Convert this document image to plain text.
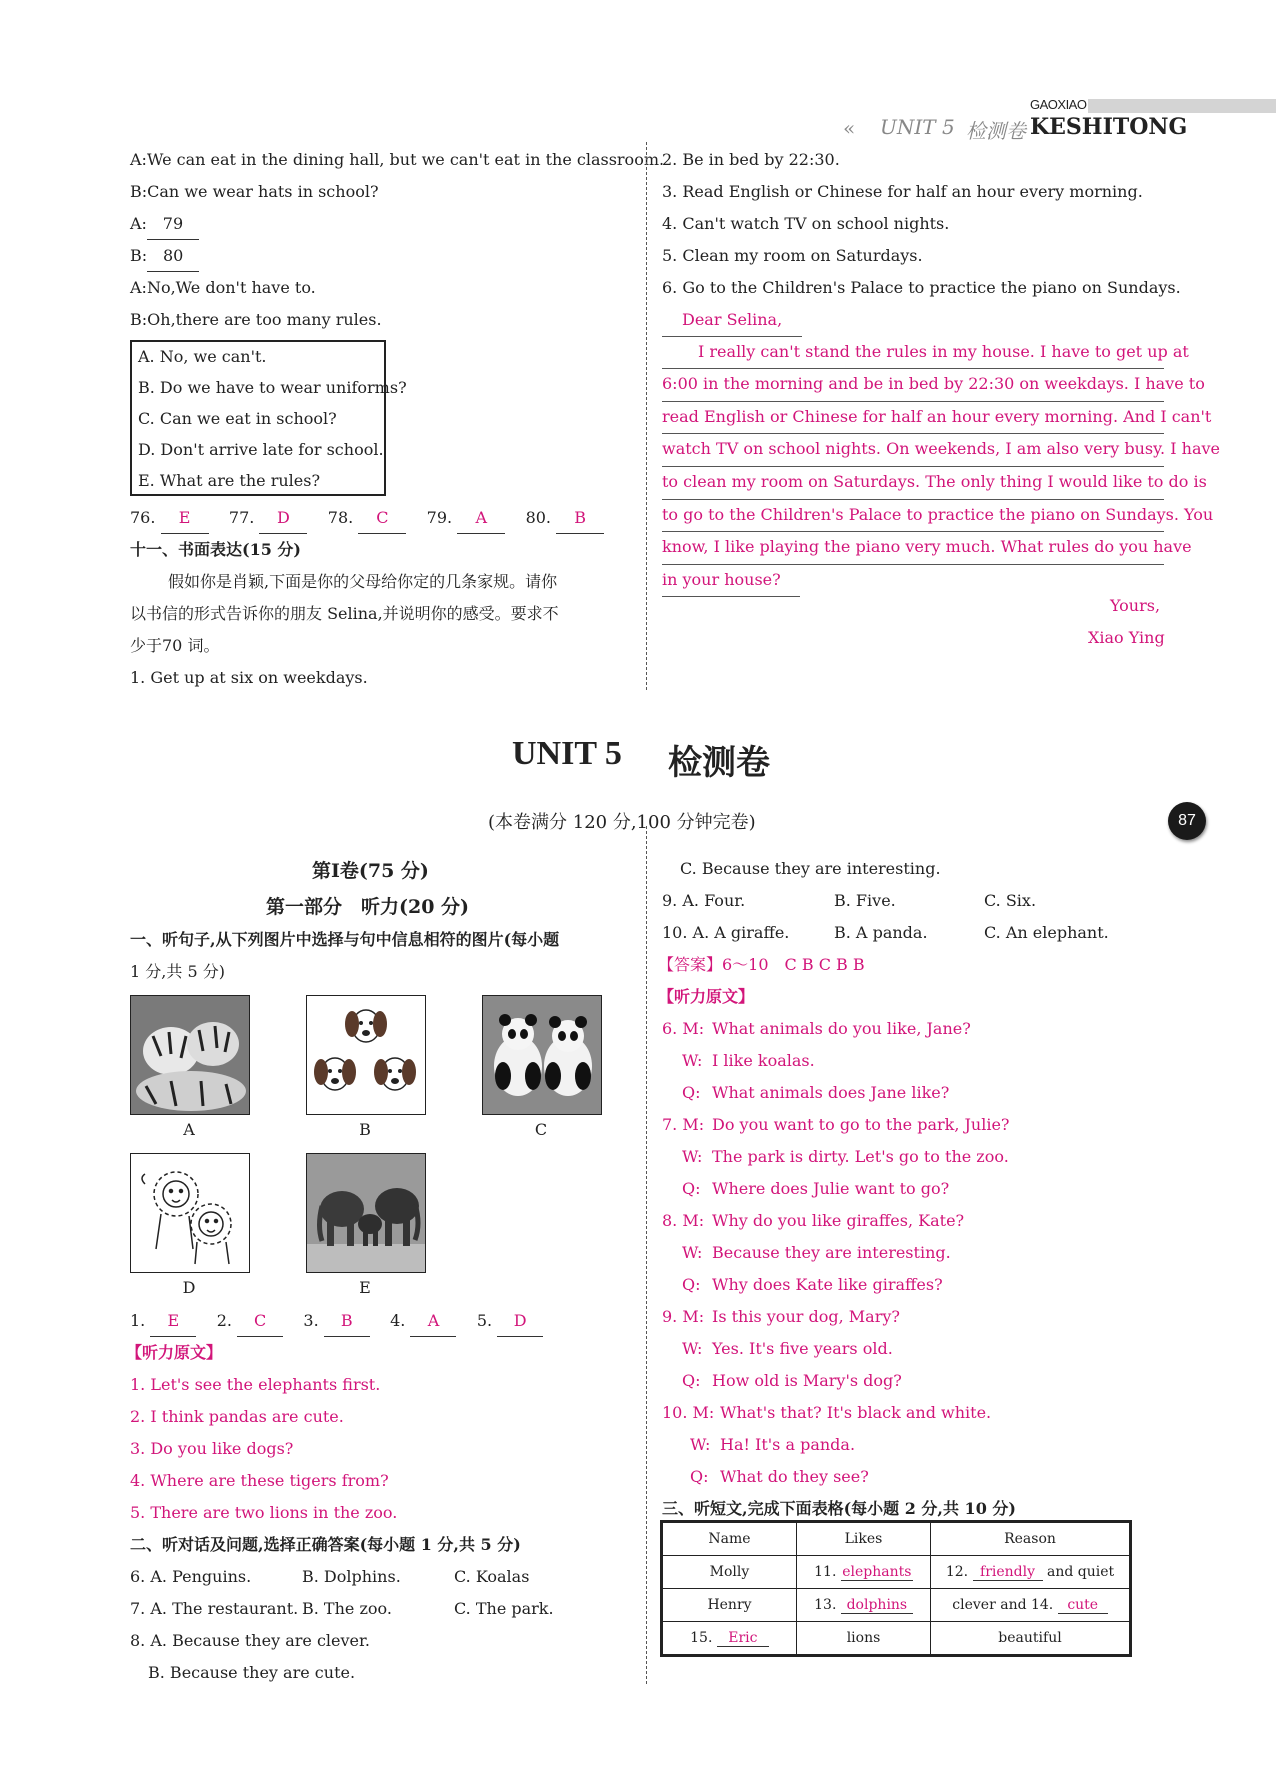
GAOXIAO
« UNIT 5 检测卷 KESHITONG
A:We can eat in the dining hall, but we can't eat in the classroom.
B:Can we wear hats in school?
A: 79
B: 80
A:No,We don't have to.
B:Oh,there are too many rules.
A. No, we can't.
B. Do we have to wear uniforms?
C. Can we eat in school?
D. Don't arrive late for school.
E. What are the rules?
76. E 77. D 78. C 79. A 80. B
十一、书面表达(15 分)
假如你是肖颖,下面是你的父母给你定的几条家规。请你
以书信的形式告诉你的朋友 Selina,并说明你的感受。要求不
少于70 词。
1. Get up at six on weekdays.
2. Be in bed by 22:30.
3. Read English or Chinese for half an hour every morning.
4. Can't watch TV on school nights.
5. Clean my room on Saturdays.
6. Go to the Children's Palace to practice the piano on Sundays.
Dear Selina,
I really can't stand the rules in my house. I have to get up at
6:00 in the morning and be in bed by 22:30 on weekdays. I have to
read English or Chinese for half an hour every morning. And I can't
watch TV on school nights. On weekends, I am also very busy. I have
to clean my room on Saturdays. The only thing I would like to do is
to go to the Children's Palace to practice the piano on Sundays. You
know, I like playing the piano very much. What rules do you have
in your house?
Yours,
Xiao Ying
UNIT 5 检测卷
(本卷满分 120 分,100 分钟完卷)	87
第Ⅰ卷(75 分)
第一部分　听力(20 分)
一、听句子,从下列图片中选择与句中信息相符的图片(每小题
1 分,共 5 分)
A	B	C
D	E
1. E 2. C 3. B 4. A 5. D
【听力原文】
1. Let's see the elephants first.
2. I think pandas are cute.
3. Do you like dogs?
4. Where are these tigers from?
5. There are two lions in the zoo.
二、听对话及问题,选择正确答案(每小题 1 分,共 5 分)
6. A. Penguins.	B. Dolphins.	C. Koalas
7. A. The restaurant. B. The zoo.	C. The park.
8. A. Because they are clever.
B. Because they are cute.
C. Because they are interesting.
9. A. Four.	B. Five.	C. Six.
10. A. A giraffe.	B. A panda.	C. An elephant.
【答案】6～10　C B C B B
【听力原文】
6. M: What animals do you like, Jane?
W: I like koalas.
Q: What animals does Jane like?
7. M: Do you want to go to the park, Julie?
W: The park is dirty. Let's go to the zoo.
Q: Where does Julie want to go?
8. M: Why do you like giraffes, Kate?
W: Because they are interesting.
Q: Why does Kate like giraffes?
9. M: Is this your dog, Mary?
W: Yes. It's five years old.
Q: How old is Mary's dog?
10. M: What's that? It's black and white.
W: Ha! It's a panda.
Q: What do they see?
三、听短文,完成下面表格(每小题 2 分,共 10 分)
Name	Likes	Reason
Molly	11. elephants	12. friendly and quiet
Henry	13. dolphins	clever and 14. cute
15. Eric	lions	beautiful
